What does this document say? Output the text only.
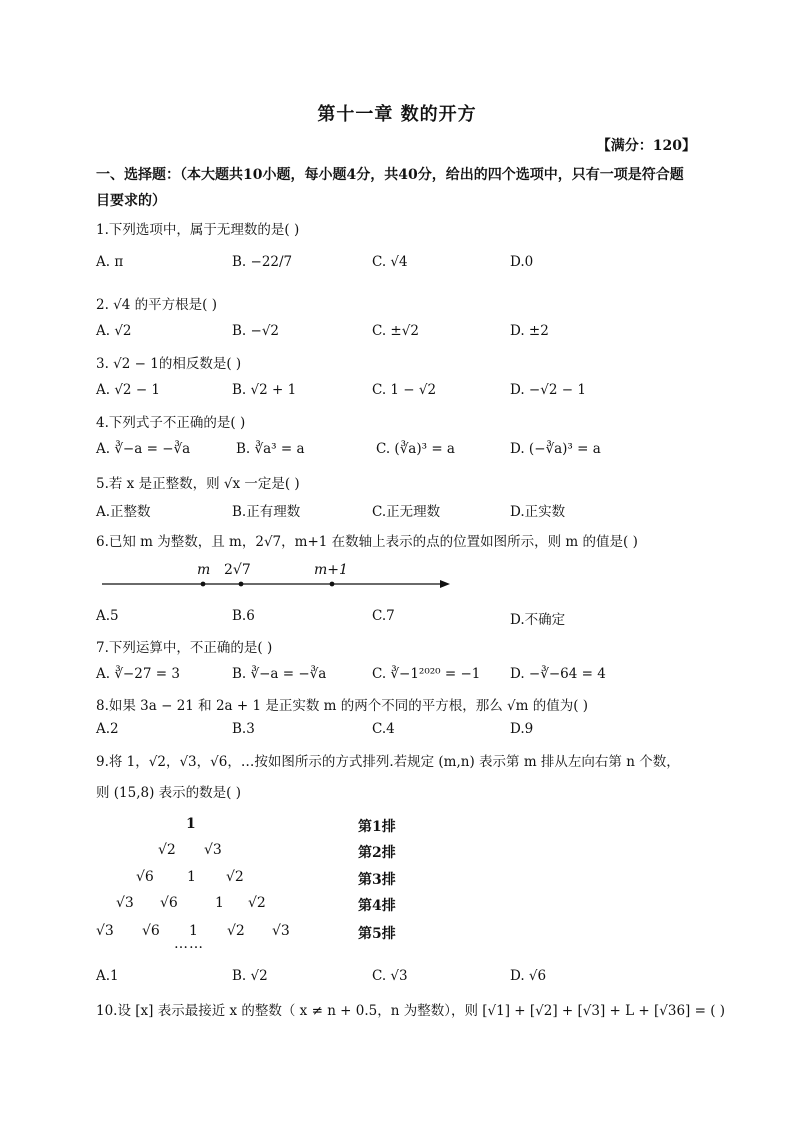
第十一章 数的开方
【满分：120】
一、选择题：（本大题共10小题，每小题4分，共40分，给出的四个选项中，只有一项是符合题目要求的）
1.下列选项中，属于无理数的是( )
A. π	B. −22/7	C. √4	D.0
2. √4 的平方根是( )
A. √2	B. −√2	C. ±√2	D. ±2
3. √2 − 1的相反数是( )
A. √2 − 1	B. √2 + 1	C. 1 − √2	D. −√2 − 1
4.下列式子不正确的是( )
A. ∛−a = −∛a	B. ∛a³ = a	C. (∛a)³ = a	D. (−∛a)³ = a
5.若 x 是正整数，则 √x 一定是( )
A.正整数	B.正有理数	C.正无理数	D.正实数
6.已知 m 为整数，且 m，2√7，m+1 在数轴上表示的点的位置如图所示，则 m 的值是( )
m 2√7	m+1
A.5	B.6	C.7	D.不确定
7.下列运算中，不正确的是( )
A. ∛−27 = 3	B. ∛−a = −∛a	C. ∛−1²⁰²⁰ = −1 D. −∛−64 = 4
8.如果 3a − 21 和 2a + 1 是正实数 m 的两个不同的平方根，那么 √m 的值为( )
A.2	B.3	C.4	D.9
9.将 1，√2，√3，√6，…按如图所示的方式排列.若规定 (m,n) 表示第 m 排从左向右第 n 个数，
则 (15,8) 表示的数是( )
1	第1排
√2 √3	第2排
√6 1 √2	第3排
√3 √6	1 √2	第4排
√3 √6 1 √2 √3	第5排
……
A.1	B. √2	C. √3	D. √6
10.设 [x] 表示最接近 x 的整数（ x ≠ n + 0.5，n 为整数），则 [√1] + [√2] + [√3] + L + [√36] = ( )
